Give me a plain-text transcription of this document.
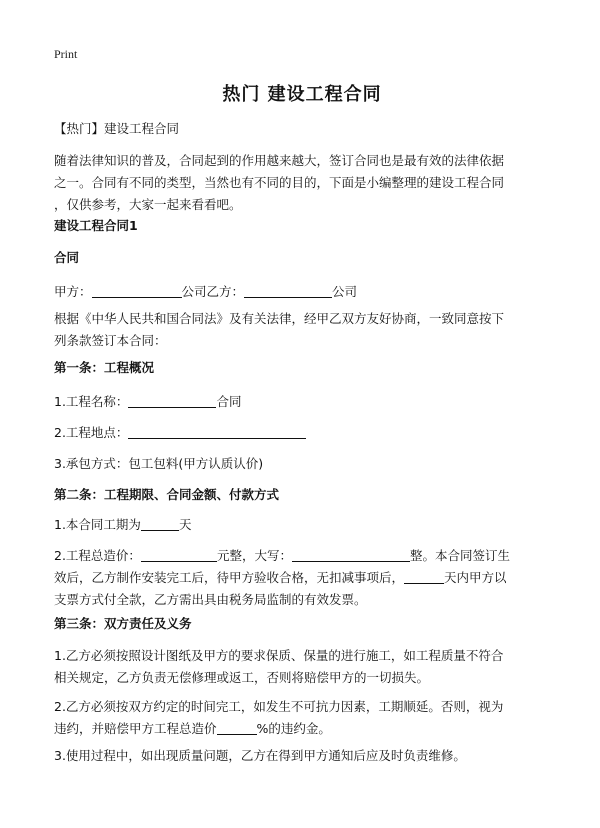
Print
热门 建设工程合同
【热门】建设工程合同
随着法律知识的普及，合同起到的作用越来越大，签订合同也是最有效的法律依据
之一。合同有不同的类型，当然也有不同的目的，下面是小编整理的建设工程合同
，仅供参考，大家一起来看看吧。
建设工程合同1
合同
甲方：	公司乙方：	公司
根据《中华人民共和国合同法》及有关法律，经甲乙双方友好协商，一致同意按下
列条款签订本合同：
第一条：工程概况
1.工程名称：	合同
2.工程地点：
3.承包方式：包工包料(甲方认质认价)
第二条：工程期限、合同金额、付款方式
1.本合同工期为	天
2.工程总造价：	元整，大写：	整。本合同签订生
效后，乙方制作安装完工后，待甲方验收合格，无扣减事项后，	天内甲方以
支票方式付全款，乙方需出具由税务局监制的有效发票。
第三条：双方责任及义务
1.乙方必须按照设计图纸及甲方的要求保质、保量的进行施工，如工程质量不符合
相关规定，乙方负责无偿修理或返工，否则将赔偿甲方的一切损失。
2.乙方必须按双方约定的时间完工，如发生不可抗力因素，工期顺延。否则，视为
违约，并赔偿甲方工程总造价	%的违约金。
3.使用过程中，如出现质量问题，乙方在得到甲方通知后应及时负责维修。
